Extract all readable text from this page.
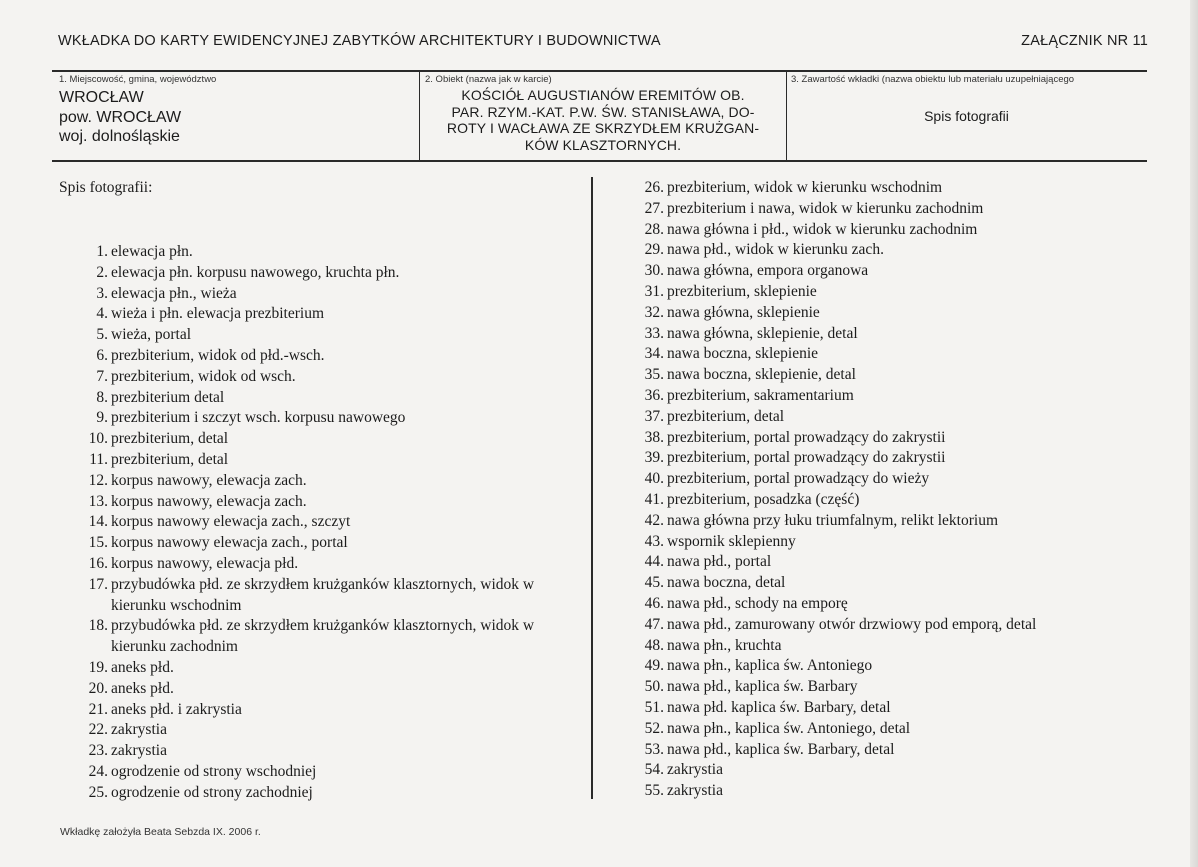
WKŁADKA DO KARTY EWIDENCYJNEJ ZABYTKÓW ARCHITEKTURY I BUDOWNICTWA	ZAŁĄCZNIK NR 11
1. Miejscowość, gmina, województwo
WROCŁAW
pow. WROCŁAW
woj. dolnośląskie
2. Obiekt (nazwa jak w karcie)
KOŚCIÓŁ AUGUSTIANÓW EREMITÓW OB.
PAR. RZYM.-KAT. P.W. ŚW. STANISŁAWA, DO-
ROTY I WACŁAWA ZE SKRZYDŁEM KRUŻGAN-
KÓW KLASZTORNYCH.
3. Zawartość wkładki (nazwa obiektu lub materiału uzupełniającego
Spis fotografii
Spis fotografii:
1. elewacja płn.
2. elewacja płn. korpusu nawowego, kruchta płn.
3. elewacja płn., wieża
4. wieża i płn. elewacja prezbiterium
5. wieża, portal
6. prezbiterium, widok od płd.-wsch.
7. prezbiterium, widok od wsch.
8. prezbiterium detal
9. prezbiterium i szczyt wsch. korpusu nawowego
10. prezbiterium, detal
11. prezbiterium, detal
12. korpus nawowy, elewacja zach.
13. korpus nawowy, elewacja zach.
14. korpus nawowy elewacja zach., szczyt
15. korpus nawowy elewacja zach., portal
16. korpus nawowy, elewacja płd.
17. przybudówka płd. ze skrzydłem krużganków klasztornych, widok w kierunku wschodnim
18. przybudówka płd. ze skrzydłem krużganków klasztornych, widok w kierunku zachodnim
19. aneks płd.
20. aneks płd.
21. aneks płd. i zakrystia
22. zakrystia
23. zakrystia
24. ogrodzenie od strony wschodniej
25. ogrodzenie od strony zachodniej
26. prezbiterium, widok w kierunku wschodnim
27. prezbiterium i nawa, widok w kierunku zachodnim
28. nawa główna i płd., widok w kierunku zachodnim
29. nawa płd., widok w kierunku zach.
30. nawa główna, empora organowa
31. prezbiterium, sklepienie
32. nawa główna, sklepienie
33. nawa główna, sklepienie, detal
34. nawa boczna, sklepienie
35. nawa boczna, sklepienie, detal
36. prezbiterium, sakramentarium
37. prezbiterium, detal
38. prezbiterium, portal prowadzący do zakrystii
39. prezbiterium, portal prowadzący do zakrystii
40. prezbiterium, portal prowadzący do wieży
41. prezbiterium, posadzka (część)
42. nawa główna przy łuku triumfalnym, relikt lektorium
43. wspornik sklepienny
44. nawa płd., portal
45. nawa boczna, detal
46. nawa płd., schody na emporę
47. nawa płd., zamurowany otwór drzwiowy pod emporą, detal
48. nawa płn., kruchta
49. nawa płn., kaplica św. Antoniego
50. nawa płd., kaplica św. Barbary
51. nawa płd. kaplica św. Barbary, detal
52. nawa płn., kaplica św. Antoniego, detal
53. nawa płd., kaplica św. Barbary, detal
54. zakrystia
55. zakrystia
Wkładkę założyła Beata Sebzda IX. 2006 r.
